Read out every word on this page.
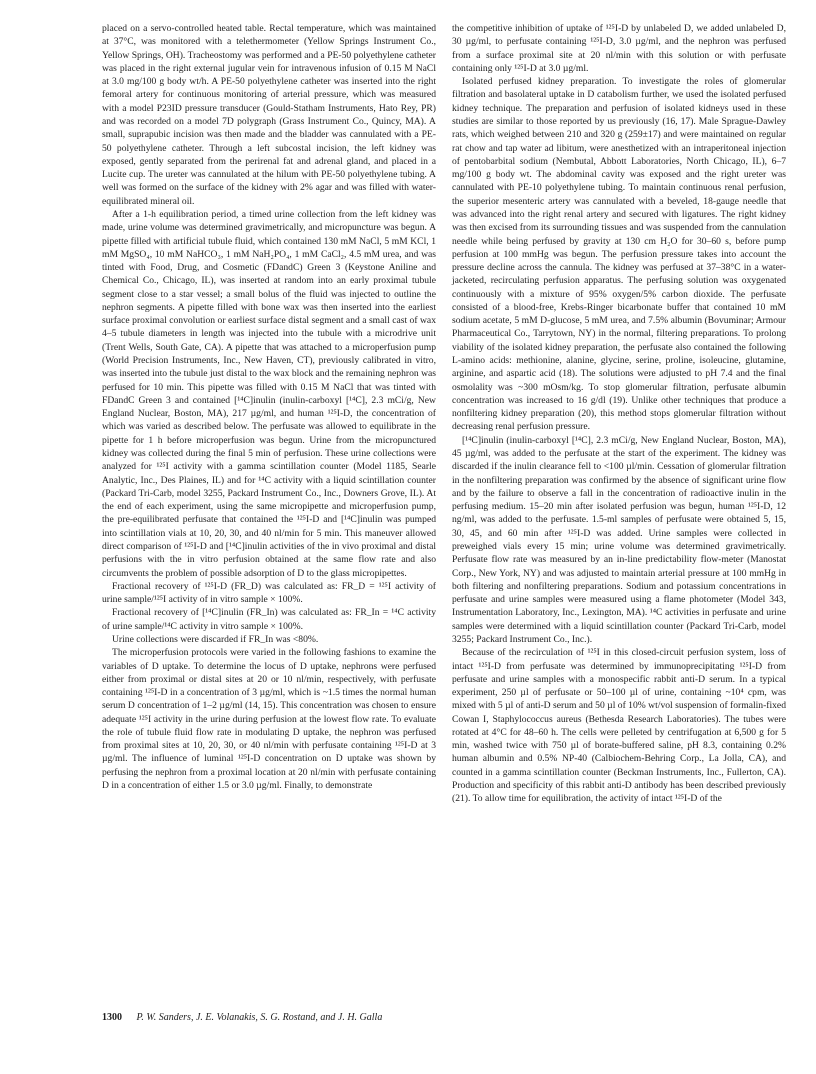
placed on a servo-controlled heated table. Rectal temperature, which was maintained at 37°C, was monitored with a telethermometer (Yellow Springs Instrument Co., Yellow Springs, OH). Tracheostomy was performed and a PE-50 polyethylene catheter was placed in the right external jugular vein for intravenous infusion of 0.15 M NaCl at 3.0 mg/100 g body wt/h. A PE-50 polyethylene catheter was inserted into the right femoral artery for continuous monitoring of arterial pressure, which was measured with a model P23ID pressure transducer (Gould-Statham Instruments, Hato Rey, PR) and was recorded on a model 7D polygraph (Grass Instrument Co., Quincy, MA). A small, suprapubic incision was then made and the bladder was cannulated with a PE-50 polyethylene catheter. Through a left subcostal incision, the left kidney was exposed, gently separated from the perirenal fat and adrenal gland, and placed in a Lucite cup. The ureter was cannulated at the hilum with PE-50 polyethylene tubing. A well was formed on the surface of the kidney with 2% agar and was filled with water-equilibrated mineral oil.

After a 1-h equilibration period, a timed urine collection from the left kidney was made, urine volume was determined gravimetrically, and micropuncture was begun. A pipette filled with artificial tubule fluid, which contained 130 mM NaCl, 5 mM KCl, 1 mM MgSO₄, 10 mM NaHCO₃, 1 mM NaH₂PO₄, 1 mM CaCl₂, 4.5 mM urea, and was tinted with Food, Drug, and Cosmetic (FDandC) Green 3 (Keystone Aniline and Chemical Co., Chicago, IL), was inserted at random into an early proximal tubule segment close to a star vessel; a small bolus of the fluid was injected to outline the nephron segments. A pipette filled with bone wax was then inserted into the earliest surface proximal convolution or earliest surface distal segment and a small cast of wax 4–5 tubule diameters in length was injected into the tubule with a microdrive unit (Trent Wells, South Gate, CA). A pipette that was attached to a microperfusion pump (World Precision Instruments, Inc., New Haven, CT), previously calibrated in vitro, was inserted into the tubule just distal to the wax block and the remaining nephron was perfused for 10 min. This pipette was filled with 0.15 M NaCl that was tinted with FDandC Green 3 and contained [¹⁴C]inulin (inulin-carboxyl [¹⁴C], 2.3 mCi/g, New England Nuclear, Boston, MA), 217 µg/ml, and human ¹²⁵I-D, the concentration of which was varied as described below. The perfusate was allowed to equilibrate in the pipette for 1 h before microperfusion was begun. Urine from the micropunctured kidney was collected during the final 5 min of perfusion. These urine collections were analyzed for ¹²⁵I activity with a gamma scintillation counter (Model 1185, Searle Analytic, Inc., Des Plaines, IL) and for ¹⁴C activity with a liquid scintillation counter (Packard Tri-Carb, model 3255, Packard Instrument Co., Inc., Downers Grove, IL). At the end of each experiment, using the same micropipette and microperfusion pump, the pre-equilibrated perfusate that contained the ¹²⁵I-D and [¹⁴C]inulin was pumped into scintillation vials at 10, 20, 30, and 40 nl/min for 5 min. This maneuver allowed direct comparison of ¹²⁵I-D and [¹⁴C]inulin activities of the in vivo proximal and distal perfusions with the in vitro perfusion obtained at the same flow rate and also circumvents the problem of possible adsorption of D to the glass micropipettes.

Fractional recovery of ¹²⁵I-D (FR_D) was calculated as: FR_D = ¹²⁵I activity of urine sample/¹²⁵I activity of in vitro sample × 100%.

Fractional recovery of [¹⁴C]inulin (FR_In) was calculated as: FR_In = ¹⁴C activity of urine sample/¹⁴C activity in vitro sample × 100%.

Urine collections were discarded if FR_In was <80%.

The microperfusion protocols were varied in the following fashions to examine the variables of D uptake. To determine the locus of D uptake, nephrons were perfused either from proximal or distal sites at 20 or 10 nl/min, respectively, with perfusate containing ¹²⁵I-D in a concentration of 3 µg/ml, which is ~1.5 times the normal human serum D concentration of 1–2 µg/ml (14, 15). This concentration was chosen to ensure adequate ¹²⁵I activity in the urine during perfusion at the lowest flow rate. To evaluate the role of tubule fluid flow rate in modulating D uptake, the nephron was perfused from proximal sites at 10, 20, 30, or 40 nl/min with perfusate containing ¹²⁵I-D at 3 µg/ml. The influence of luminal ¹²⁵I-D concentration on D uptake was shown by perfusing the nephron from a proximal location at 20 nl/min with perfusate containing D in a concentration of either 1.5 or 3.0 µg/ml. Finally, to demonstrate

the competitive inhibition of uptake of ¹²⁵I-D by unlabeled D, we added unlabeled D, 30 µg/ml, to perfusate containing ¹²⁵I-D, 3.0 µg/ml, and the nephron was perfused from a surface proximal site at 20 nl/min with this solution or with perfusate containing only ¹²⁵I-D at 3.0 µg/ml.

Isolated perfused kidney preparation. To investigate the roles of glomerular filtration and basolateral uptake in D catabolism further, we used the isolated perfused kidney technique. The preparation and perfusion of isolated kidneys used in these studies are similar to those reported by us previously (16, 17). Male Sprague-Dawley rats, which weighed between 210 and 320 g (259±17) and were maintained on regular rat chow and tap water ad libitum, were anesthetized with an intraperitoneal injection of pentobarbital sodium (Nembutal, Abbott Laboratories, North Chicago, IL), 6–7 mg/100 g body wt. The abdominal cavity was exposed and the right ureter was cannulated with PE-10 polyethylene tubing. To maintain continuous renal perfusion, the superior mesenteric artery was cannulated with a beveled, 18-gauge needle that was advanced into the right renal artery and secured with ligatures. The right kidney was then excised from its surrounding tissues and was suspended from the cannulation needle while being perfused by gravity at 130 cm H₂O for 30–60 s, before pump perfusion at 100 mmHg was begun. The perfusion pressure takes into account the pressure decline across the cannula. The kidney was perfused at 37–38°C in a water-jacketed, recirculating perfusion apparatus. The perfusing solution was oxygenated continuously with a mixture of 95% oxygen/5% carbon dioxide. The perfusate consisted of a blood-free, Krebs-Ringer bicarbonate buffer that contained 10 mM sodium acetate, 5 mM D-glucose, 5 mM urea, and 7.5% albumin (Bovuminar; Armour Pharmaceutical Co., Tarrytown, NY) in the normal, filtering preparations. To prolong viability of the isolated kidney preparation, the perfusate also contained the following L-amino acids: methionine, alanine, glycine, serine, proline, isoleucine, glutamine, arginine, and aspartic acid (18). The solutions were adjusted to pH 7.4 and the final osmolality was ~300 mOsm/kg. To stop glomerular filtration, perfusate albumin concentration was increased to 16 g/dl (19). Unlike other techniques that produce a nonfiltering kidney preparation (20), this method stops glomerular filtration without decreasing renal perfusion pressure.

[¹⁴C]inulin (inulin-carboxyl [¹⁴C], 2.3 mCi/g, New England Nuclear, Boston, MA), 45 µg/ml, was added to the perfusate at the start of the experiment. The kidney was discarded if the inulin clearance fell to <100 µl/min. Cessation of glomerular filtration in the nonfiltering preparation was confirmed by the absence of significant urine flow and by the failure to observe a fall in the concentration of radioactive inulin in the perfusing medium. 15–20 min after isolated perfusion was begun, human ¹²⁵I-D, 12 ng/ml, was added to the perfusate. 1.5-ml samples of perfusate were obtained 5, 15, 30, 45, and 60 min after ¹²⁵I-D was added. Urine samples were collected in preweighed vials every 15 min; urine volume was determined gravimetrically. Perfusate flow rate was measured by an in-line predictability flow-meter (Manostat Corp., New York, NY) and was adjusted to maintain arterial pressure at 100 mmHg in both filtering and nonfiltering preparations. Sodium and potassium concentrations in perfusate and urine samples were measured using a flame photometer (Model 343, Instrumentation Laboratory, Inc., Lexington, MA). ¹⁴C activities in perfusate and urine samples were determined with a liquid scintillation counter (Packard Tri-Carb, model 3255; Packard Instrument Co., Inc.).

Because of the recirculation of ¹²⁵I in this closed-circuit perfusion system, loss of intact ¹²⁵I-D from perfusate was determined by immunoprecipitating ¹²⁵I-D from perfusate and urine samples with a monospecific rabbit anti-D serum. In a typical experiment, 250 µl of perfusate or 50–100 µl of urine, containing ~10⁴ cpm, was mixed with 5 µl of anti-D serum and 50 µl of 10% wt/vol suspension of formalin-fixed Cowan I, Staphylococcus aureus (Bethesda Research Laboratories). The tubes were rotated at 4°C for 48–60 h. The cells were pelleted by centrifugation at 6,500 g for 5 min, washed twice with 750 µl of borate-buffered saline, pH 8.3, containing 0.2% human albumin and 0.5% NP-40 (Calbiochem-Behring Corp., La Jolla, CA), and counted in a gamma scintillation counter (Beckman Instruments, Inc., Fullerton, CA). Production and specificity of this rabbit anti-D antibody has been described previously (21). To allow time for equilibration, the activity of intact ¹²⁵I-D of the

1300 P. W. Sanders, J. E. Volanakis, S. G. Rostand, and J. H. Galla
